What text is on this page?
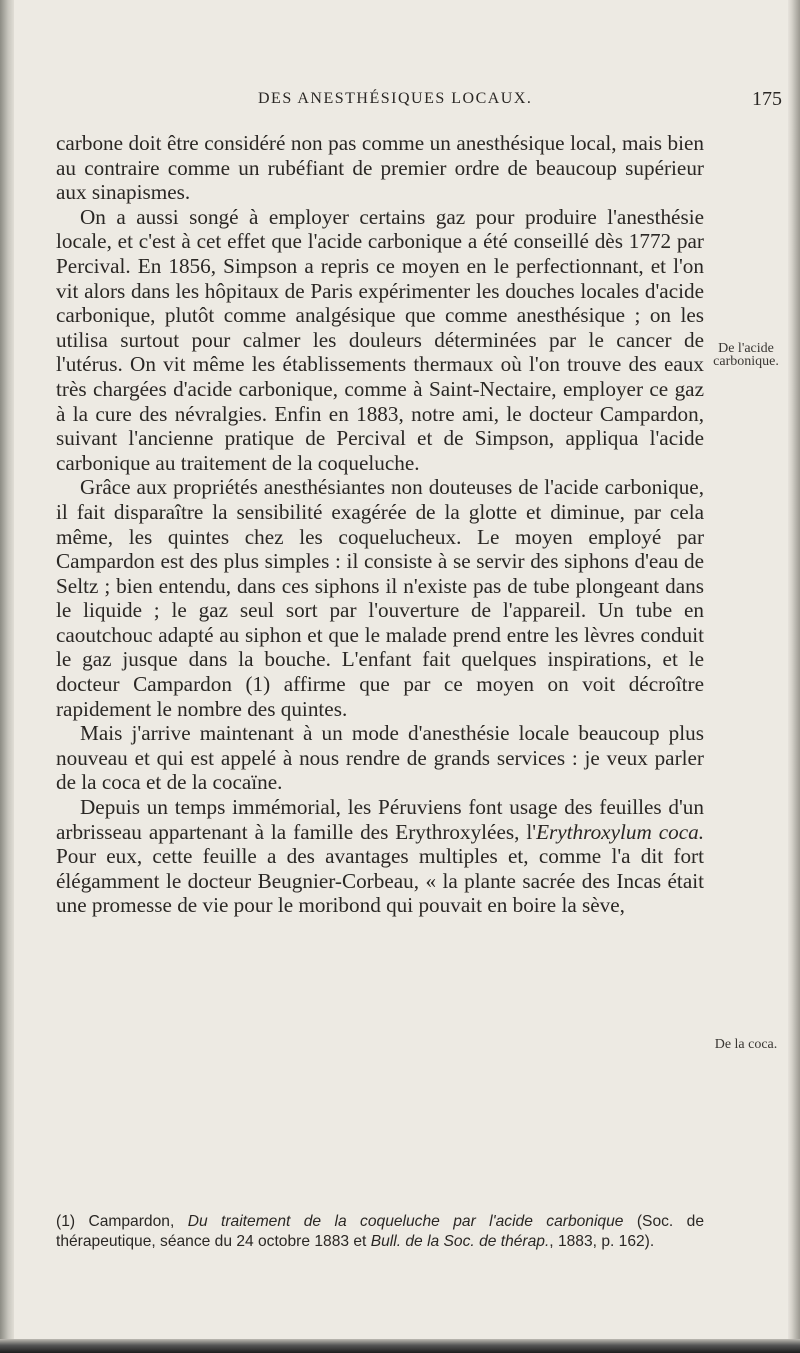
DES ANESTHÉSIQUES LOCAUX.	175

carbone doit être considéré non pas comme un anesthésique local, mais bien au contraire comme un rubéfiant de premier ordre de beaucoup supérieur aux sinapismes.

On a aussi songé à employer certains gaz pour produire l'anesthésie locale, et c'est à cet effet que l'acide carbonique a été conseillé dès 1772 par Percival. En 1856, Simpson a repris ce moyen en le perfectionnant, et l'on vit alors dans les hôpitaux de Paris expérimenter les douches locales d'acide carbonique, plutôt comme analgésique que comme anesthésique ; on les utilisa surtout pour calmer les douleurs déterminées par le cancer de l'utérus. On vit même les établissements thermaux où l'on trouve des eaux très chargées d'acide carbonique, comme à Saint-Nectaire, employer ce gaz à la cure des névralgies. Enfin en 1883, notre ami, le docteur Campardon, suivant l'ancienne pratique de Percival et de Simpson, appliqua l'acide carbonique au traitement de la coqueluche.

Grâce aux propriétés anesthésiantes non douteuses de l'acide carbonique, il fait disparaître la sensibilité exagérée de la glotte et diminue, par cela même, les quintes chez les coquelucheux. Le moyen employé par Campardon est des plus simples : il consiste à se servir des siphons d'eau de Seltz ; bien entendu, dans ces siphons il n'existe pas de tube plongeant dans le liquide ; le gaz seul sort par l'ouverture de l'appareil. Un tube en caoutchouc adapté au siphon et que le malade prend entre les lèvres conduit le gaz jusque dans la bouche. L'enfant fait quelques inspirations, et le docteur Campardon (1) affirme que par ce moyen on voit décroître rapidement le nombre des quintes.

Mais j'arrive maintenant à un mode d'anesthésie locale beaucoup plus nouveau et qui est appelé à nous rendre de grands services : je veux parler de la coca et de la cocaïne.

Depuis un temps immémorial, les Péruviens font usage des feuilles d'un arbrisseau appartenant à la famille des Erythroxylées, l'Erythroxylum coca. Pour eux, cette feuille a des avantages multiples et, comme l'a dit fort élégamment le docteur Beugnier-Corbeau, « la plante sacrée des Incas était une promesse de vie pour le moribond qui pouvait en boire la sève,

De l'acide carbonique.
De la coca.
(1) Campardon, Du traitement de la coqueluche par l'acide carbonique (Soc. de thérapeutique, séance du 24 octobre 1883 et Bull. de la Soc. de thérap., 1883, p. 162).
